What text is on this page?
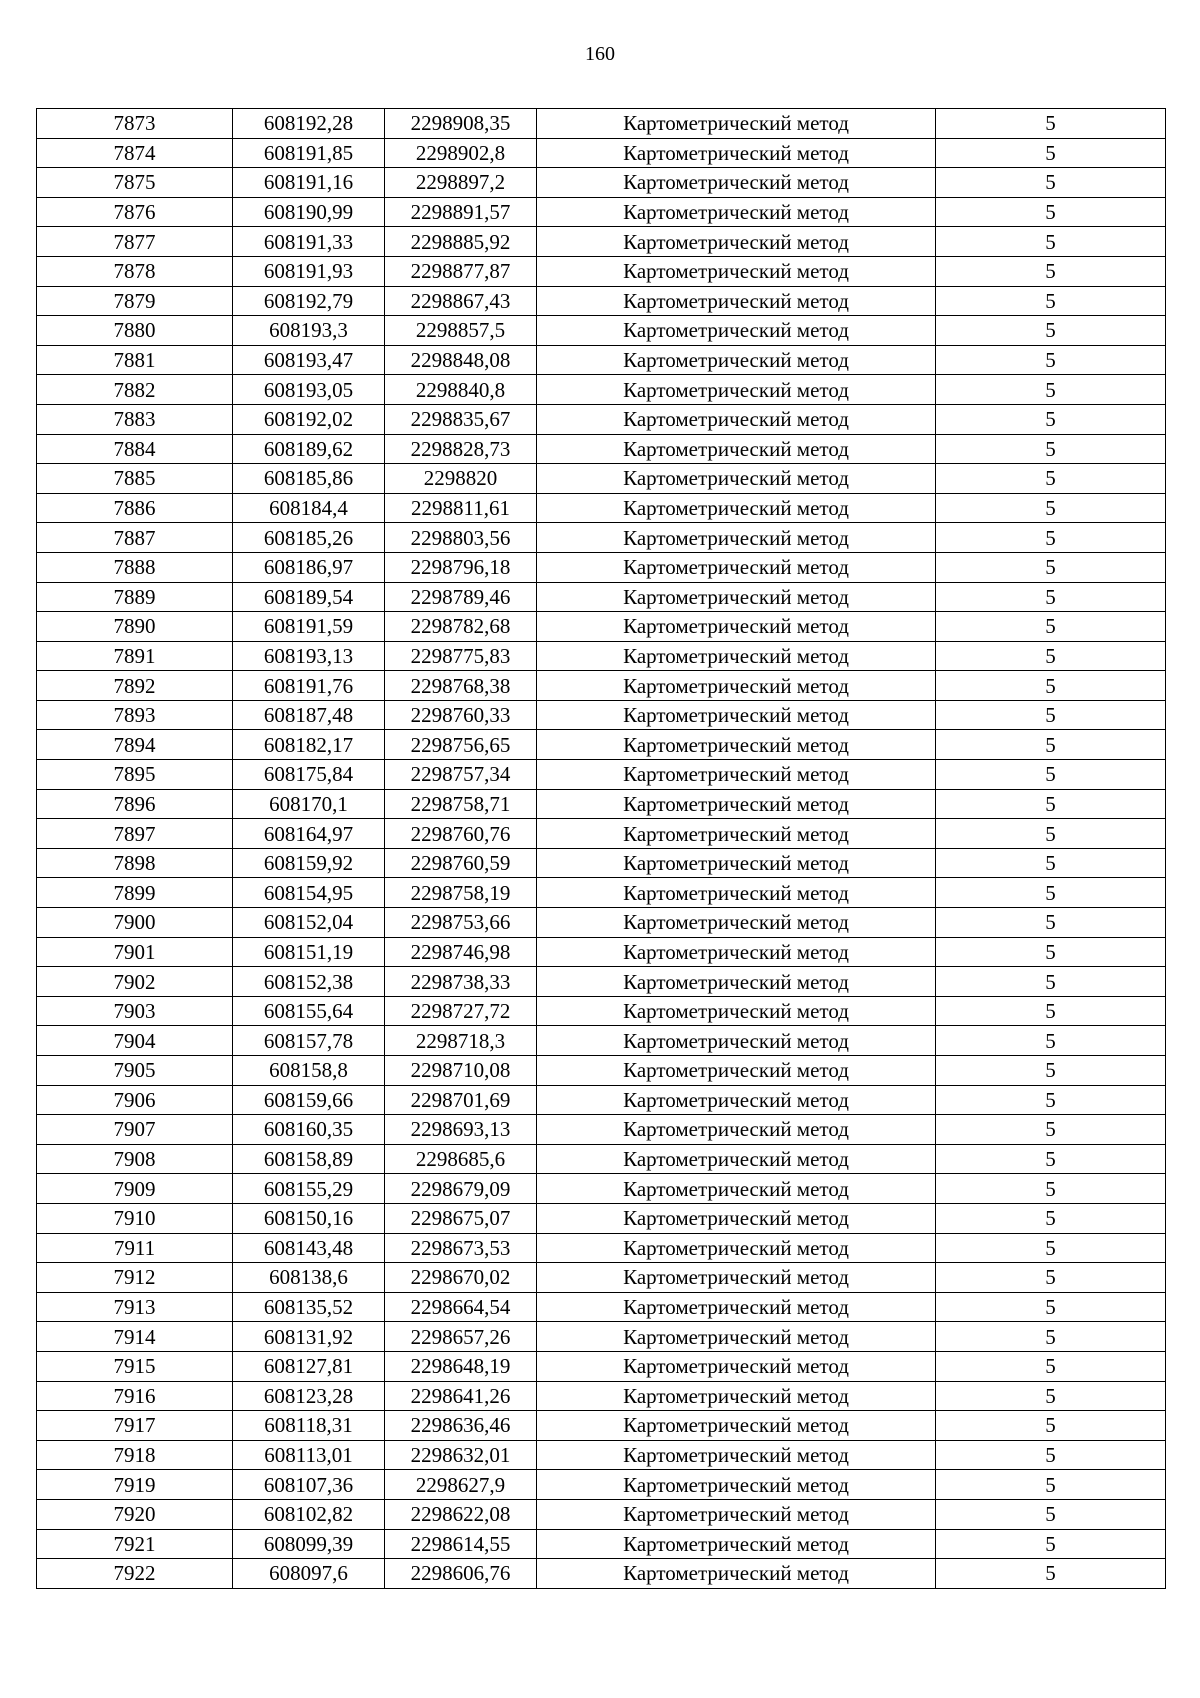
160
7873	608192,28	2298908,35	Картометрический метод	5
7874	608191,85	2298902,8	Картометрический метод	5
7875	608191,16	2298897,2	Картометрический метод	5
7876	608190,99	2298891,57	Картометрический метод	5
7877	608191,33	2298885,92	Картометрический метод	5
7878	608191,93	2298877,87	Картометрический метод	5
7879	608192,79	2298867,43	Картометрический метод	5
7880	608193,3	2298857,5	Картометрический метод	5
7881	608193,47	2298848,08	Картометрический метод	5
7882	608193,05	2298840,8	Картометрический метод	5
7883	608192,02	2298835,67	Картометрический метод	5
7884	608189,62	2298828,73	Картометрический метод	5
7885	608185,86	2298820	Картометрический метод	5
7886	608184,4	2298811,61	Картометрический метод	5
7887	608185,26	2298803,56	Картометрический метод	5
7888	608186,97	2298796,18	Картометрический метод	5
7889	608189,54	2298789,46	Картометрический метод	5
7890	608191,59	2298782,68	Картометрический метод	5
7891	608193,13	2298775,83	Картометрический метод	5
7892	608191,76	2298768,38	Картометрический метод	5
7893	608187,48	2298760,33	Картометрический метод	5
7894	608182,17	2298756,65	Картометрический метод	5
7895	608175,84	2298757,34	Картометрический метод	5
7896	608170,1	2298758,71	Картометрический метод	5
7897	608164,97	2298760,76	Картометрический метод	5
7898	608159,92	2298760,59	Картометрический метод	5
7899	608154,95	2298758,19	Картометрический метод	5
7900	608152,04	2298753,66	Картометрический метод	5
7901	608151,19	2298746,98	Картометрический метод	5
7902	608152,38	2298738,33	Картометрический метод	5
7903	608155,64	2298727,72	Картометрический метод	5
7904	608157,78	2298718,3	Картометрический метод	5
7905	608158,8	2298710,08	Картометрический метод	5
7906	608159,66	2298701,69	Картометрический метод	5
7907	608160,35	2298693,13	Картометрический метод	5
7908	608158,89	2298685,6	Картометрический метод	5
7909	608155,29	2298679,09	Картометрический метод	5
7910	608150,16	2298675,07	Картометрический метод	5
7911	608143,48	2298673,53	Картометрический метод	5
7912	608138,6	2298670,02	Картометрический метод	5
7913	608135,52	2298664,54	Картометрический метод	5
7914	608131,92	2298657,26	Картометрический метод	5
7915	608127,81	2298648,19	Картометрический метод	5
7916	608123,28	2298641,26	Картометрический метод	5
7917	608118,31	2298636,46	Картометрический метод	5
7918	608113,01	2298632,01	Картометрический метод	5
7919	608107,36	2298627,9	Картометрический метод	5
7920	608102,82	2298622,08	Картометрический метод	5
7921	608099,39	2298614,55	Картометрический метод	5
7922	608097,6	2298606,76	Картометрический метод	5
